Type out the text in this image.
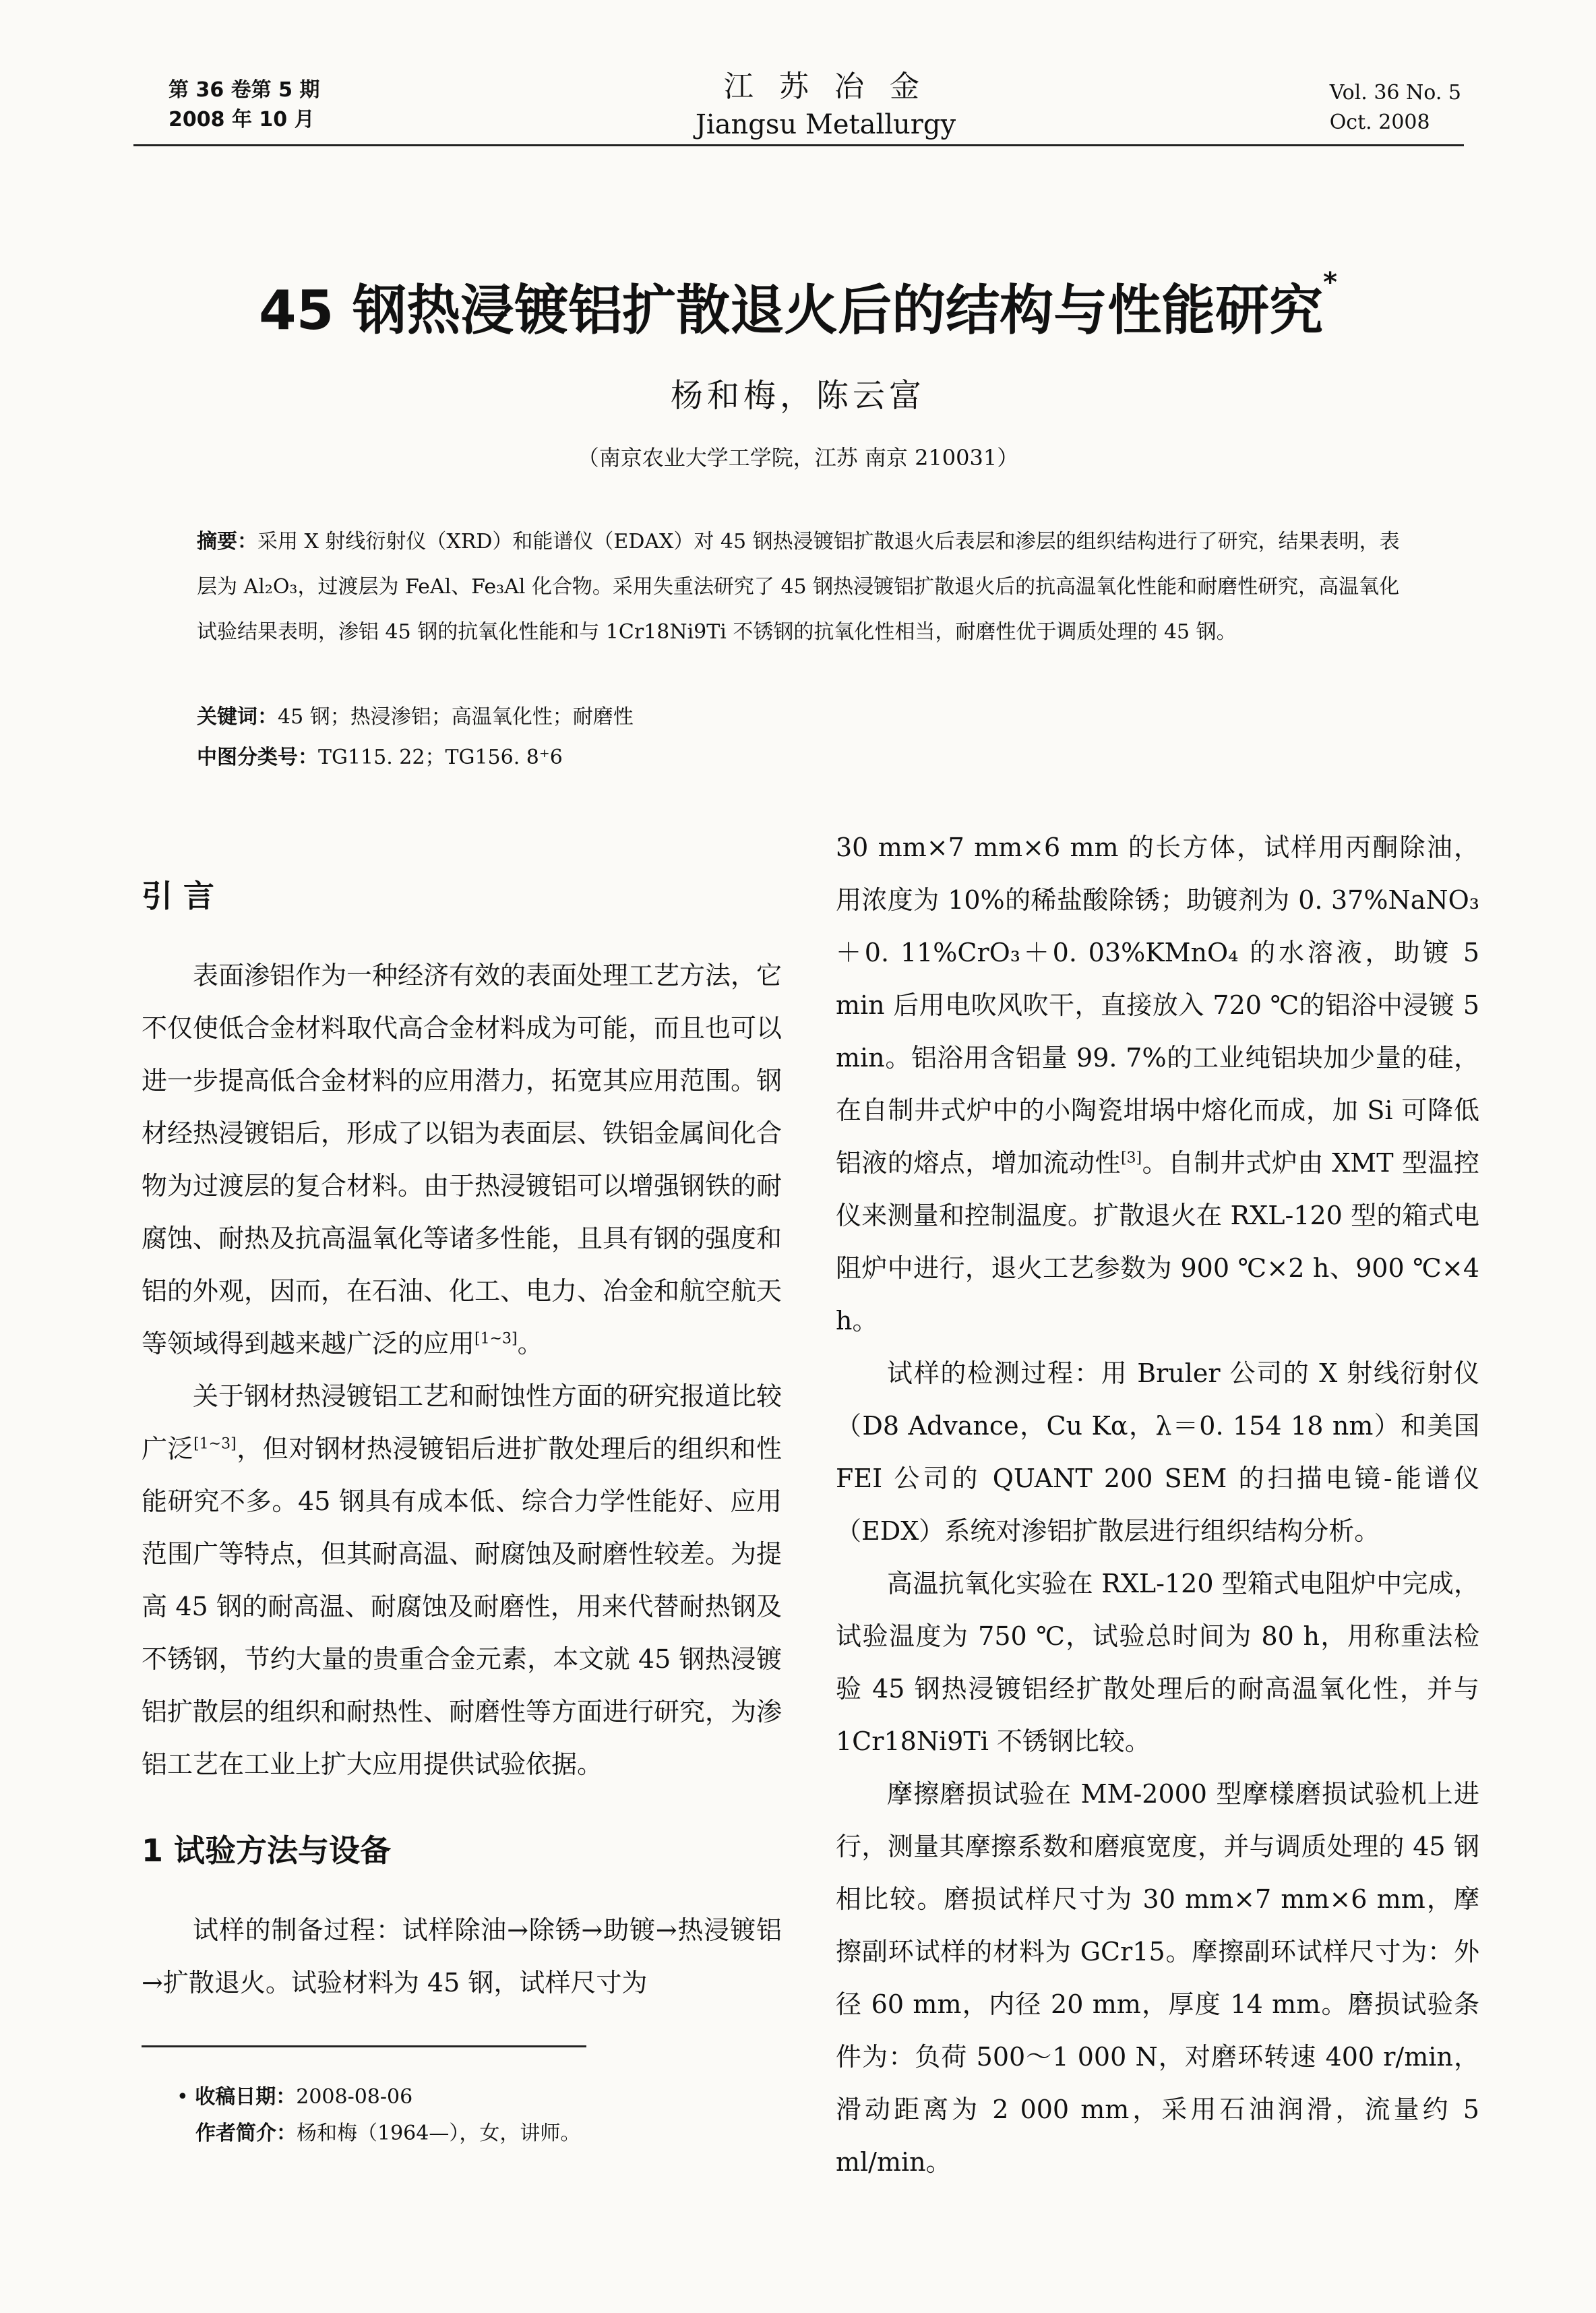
第 36 卷第 5 期
2008 年 10 月
江 苏 冶 金
Jiangsu Metallurgy
Vol. 36 No. 5
Oct. 2008
45 钢热浸镀铝扩散退火后的结构与性能研究*
杨和梅，陈云富
（南京农业大学工学院，江苏 南京 210031）
摘要：采用 X 射线衍射仪（XRD）和能谱仪（EDAX）对 45 钢热浸镀铝扩散退火后表层和渗层的组织结构进行了研究，结果表明，表层为 Al₂O₃，过渡层为 FeAl、Fe₃Al 化合物。采用失重法研究了 45 钢热浸镀铝扩散退火后的抗高温氧化性能和耐磨性研究，高温氧化试验结果表明，渗铝 45 钢的抗氧化性能和与 1Cr18Ni9Ti 不锈钢的抗氧化性相当，耐磨性优于调质处理的 45 钢。
关键词：45 钢；热浸渗铝；高温氧化性；耐磨性
中图分类号：TG115. 22；TG156. 8⁺6
引 言

表面渗铝作为一种经济有效的表面处理工艺方法，它不仅使低合金材料取代高合金材料成为可能，而且也可以进一步提高低合金材料的应用潜力，拓宽其应用范围。钢材经热浸镀铝后，形成了以铝为表面层、铁铝金属间化合物为过渡层的复合材料。由于热浸镀铝可以增强钢铁的耐腐蚀、耐热及抗高温氧化等诸多性能，且具有钢的强度和铝的外观，因而，在石油、化工、电力、冶金和航空航天等领域得到越来越广泛的应用[1~3]。

关于钢材热浸镀铝工艺和耐蚀性方面的研究报道比较广泛[1~3]，但对钢材热浸镀铝后进扩散处理后的组织和性能研究不多。45 钢具有成本低、综合力学性能好、应用范围广等特点，但其耐高温、耐腐蚀及耐磨性较差。为提高 45 钢的耐高温、耐腐蚀及耐磨性，用来代替耐热钢及不锈钢，节约大量的贵重合金元素，本文就 45 钢热浸镀铝扩散层的组织和耐热性、耐磨性等方面进行研究，为渗铝工艺在工业上扩大应用提供试验依据。

1 试验方法与设备

试样的制备过程：试样除油→除锈→助镀→热浸镀铝→扩散退火。试验材料为 45 钢，试样尺寸为

30 mm×7 mm×6 mm 的长方体，试样用丙酮除油，用浓度为 10%的稀盐酸除锈；助镀剂为 0. 37%NaNO₃＋0. 11%CrO₃＋0. 03%KMnO₄ 的水溶液，助镀 5 min 后用电吹风吹干，直接放入 720 ℃的铝浴中浸镀 5 min。铝浴用含铝量 99. 7%的工业纯铝块加少量的硅，在自制井式炉中的小陶瓷坩埚中熔化而成，加 Si 可降低铝液的熔点，增加流动性[3]。自制井式炉由 XMT 型温控仪来测量和控制温度。扩散退火在 RXL-120 型的箱式电阻炉中进行，退火工艺参数为 900 ℃×2 h、900 ℃×4 h。

试样的检测过程：用 Bruler 公司的 X 射线衍射仪（D8 Advance，Cu Kα，λ＝0. 154 18 nm）和美国 FEI 公司的 QUANT 200 SEM 的扫描电镜-能谱仪（EDX）系统对渗铝扩散层进行组织结构分析。

高温抗氧化实验在 RXL-120 型箱式电阻炉中完成，试验温度为 750 ℃，试验总时间为 80 h，用称重法检验 45 钢热浸镀铝经扩散处理后的耐高温氧化性，并与 1Cr18Ni9Ti 不锈钢比较。

摩擦磨损试验在 MM-2000 型摩樣磨损试验机上进行，测量其摩擦系数和磨痕宽度，并与调质处理的 45 钢相比较。磨损试样尺寸为 30 mm×7 mm×6 mm，摩擦副环试样的材料为 GCr15。摩擦副环试样尺寸为：外径 60 mm，内径 20 mm，厚度 14 mm。磨损试验条件为：负荷 500～1 000 N，对磨环转速 400 r/min，滑动距离为 2 000 mm，采用石油润滑，流量约 5 ml/min。

• 收稿日期：2008-08-06
作者简介：杨和梅（1964—），女，讲师。
